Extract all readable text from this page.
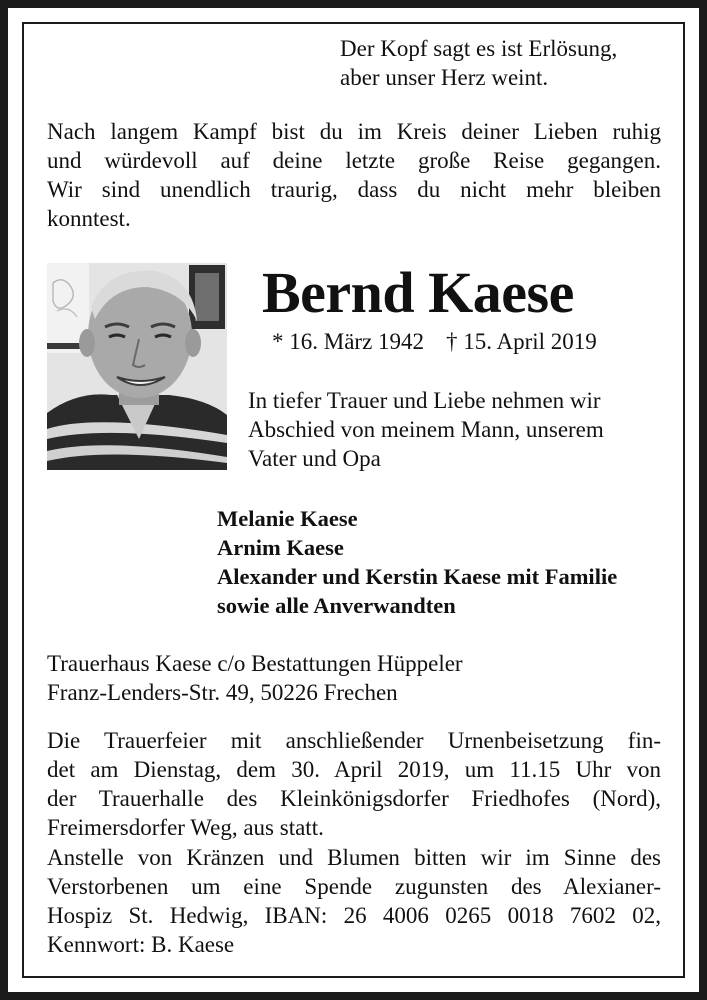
Der Kopf sagt es ist Erlösung,
aber unser Herz weint.
Nach langem Kampf bist du im Kreis deiner Lieben ruhig
und würdevoll auf deine letzte große Reise gegangen.
Wir sind unendlich traurig, dass du nicht mehr bleiben
konntest.
Bernd Kaese
* 16. März 1942 † 15. April 2019
In tiefer Trauer und Liebe nehmen wir
Abschied von meinem Mann, unserem
Vater und Opa
Melanie Kaese
Arnim Kaese
Alexander und Kerstin Kaese mit Familie
sowie alle Anverwandten
Trauerhaus Kaese c/o Bestattungen Hüppeler
Franz-Lenders-Str. 49, 50226 Frechen
Die Trauerfeier mit anschließender Urnenbeisetzung fin-
det am Dienstag, dem 30. April 2019, um 11.15 Uhr von
der Trauerhalle des Kleinkönigsdorfer Friedhofes (Nord),
Freimersdorfer Weg, aus statt.
Anstelle von Kränzen und Blumen bitten wir im Sinne des
Verstorbenen um eine Spende zugunsten des Alexianer-
Hospiz St. Hedwig, IBAN: 26 4006 0265 0018 7602 02,
Kennwort: B. Kaese
